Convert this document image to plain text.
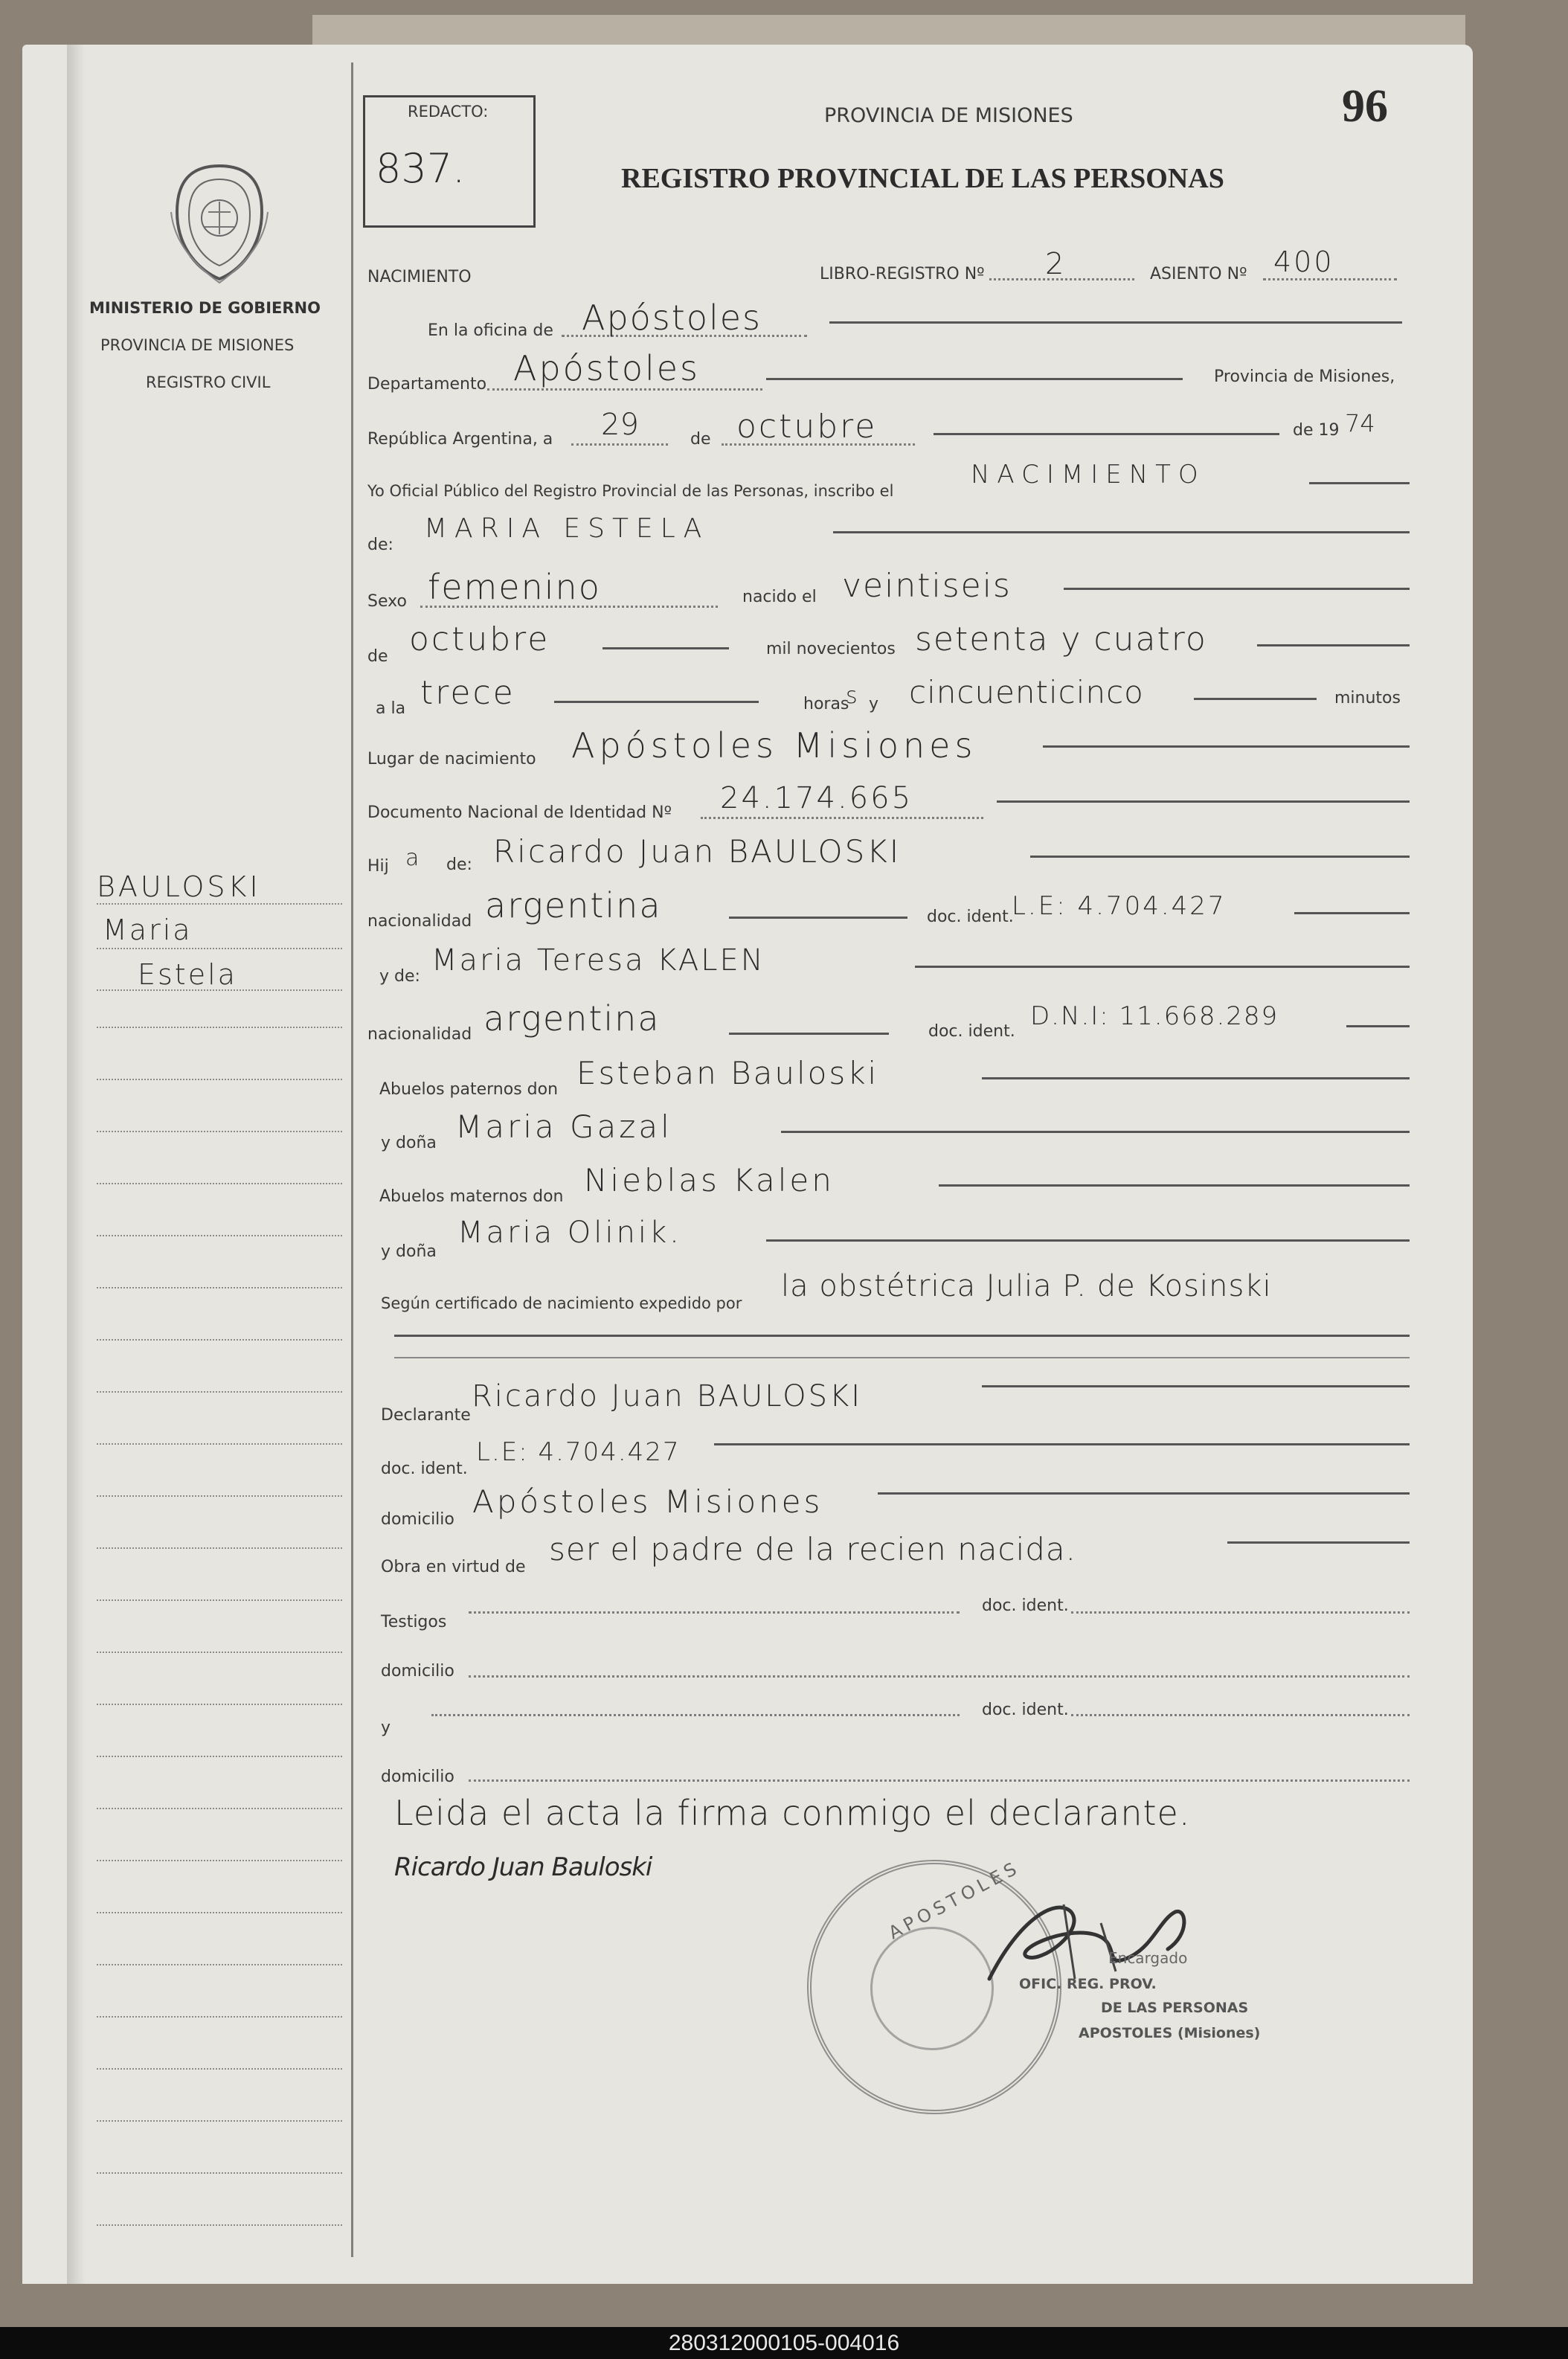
MINISTERIO DE GOBIERNO
PROVINCIA DE MISIONES
REGISTRO CIVIL
BAULOSKI
Maria
Estela
REDACTO:
837.
PROVINCIA DE MISIONES
REGISTRO PROVINCIAL DE LAS PERSONAS
96
NACIMIENTO	LIBRO-REGISTRO Nº 2	ASIENTO Nº 400
En la oficina de Apóstoles
Departamento Apóstoles	Provincia de Misiones,
República Argentina, a 29	de octubre	de 19 74
Yo Oficial Público del Registro Provincial de las Personas, inscribo el
NACIMIENTO
de:
MARIA ESTELA
Sexo femenino	nacido el veintiseis
de octubre	mil novecientos setenta y cuatro
a la trece	horas
s y cincuenticinco	minutos
Lugar de nacimiento Apóstoles Misiones
Documento Nacional de Identidad Nº 24.174.665
Hij a de: Ricardo Juan BAULOSKI
nacionalidad argentina	doc. ident.
L.E: 4.704.427
y de: Maria Teresa KALEN
nacionalidad argentina	doc. ident.
D.N.I: 11.668.289
Abuelos paternos don Esteban Bauloski
y doña Maria Gazal
Abuelos maternos don Nieblas Kalen
y doña
Maria Olinik.
Según certificado de nacimiento expedido por la obstétrica Julia P. de Kosinski
Declarante
Ricardo Juan BAULOSKI
doc. ident.
L.E: 4.704.427
domicilio Apóstoles Misiones
Obra en virtud de ser el padre de la recien nacida.
Testigos
doc. ident.
domicilio
y
doc. ident.
domicilio
Leida el acta la firma conmigo el declarante.
Ricardo Juan Bauloski	APOSTOLES
Encargado
OFIC. REG. PROV.
DE LAS PERSONAS
APOSTOLES (Misiones)
280312000105-004016
